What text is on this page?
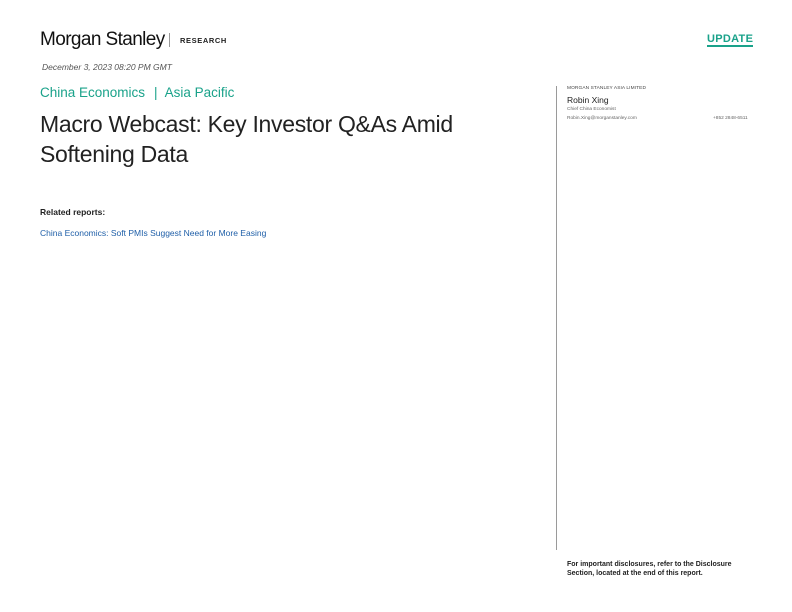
Morgan Stanley RESEARCH	UPDATE
December 3, 2023 08:20 PM GMT
China Economics | Asia Pacific
Macro Webcast: Key Investor Q&As Amid Softening Data
Related reports:
China Economics: Soft PMIs Suggest Need for More Easing
MORGAN STANLEY ASIA LIMITED
Robin Xing
Chief China Economist
Robin.Xing@morganstanley.com	+852 2848-6511
For important disclosures, refer to the Disclosure Section, located at the end of this report.
